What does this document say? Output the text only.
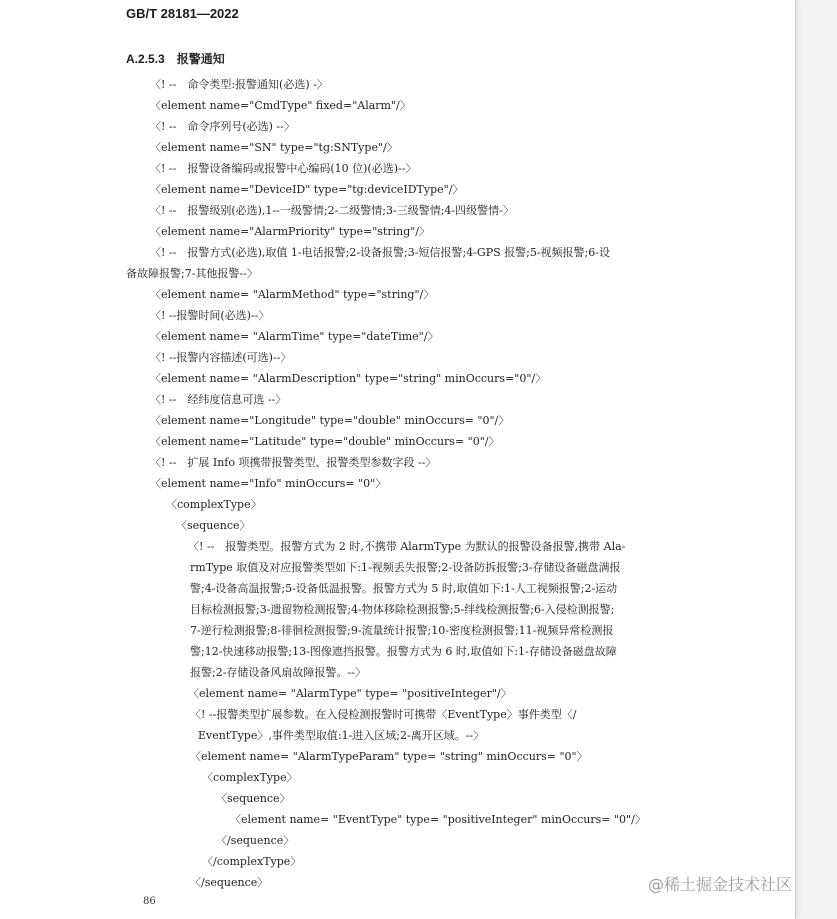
GB/T 28181—2022
A.2.5.3 报警通知
〈! --　命令类型:报警通知(必选) -〉
〈element name="CmdType" fixed="Alarm"/〉
〈! --　命令序列号(必选) --〉
〈element name="SN" type="tg:SNType"/〉
〈! --　报警设备编码或报警中心编码(10 位)(必选)--〉
〈element name="DeviceID" type="tg:deviceIDType"/〉
〈! --　报警级别(必选),1--一级警情;2-二级警情;3-三级警情;4-四级警情-〉
〈element name="AlarmPriority" type="string"/〉
〈! --　报警方式(必选),取值 1-电话报警;2-设备报警;3-短信报警;4-GPS 报警;5-视频报警;6-设
备故障报警;7-其他报警--〉
〈element name= "AlarmMethod" type="string"/〉
〈! --报警时间(必选)--〉
〈element name= "AlarmTime" type="dateTime"/〉
〈! --报警内容描述(可选)--〉
〈element name= "AlarmDescription" type="string" minOccurs="0"/〉
〈! --　经纬度信息可选 --〉
〈element name="Longitude" type="double" minOccurs= "0"/〉
〈element name="Latitude" type="double" minOccurs= "0"/〉
〈! --　扩展 Info 项携带报警类型、报警类型参数字段 --〉
〈element name="Info" minOccurs= "0"〉
〈complexType〉
〈sequence〉
〈! --　报警类型。报警方式为 2 时,不携带 AlarmType 为默认的报警设备报警,携带 Ala-
rmType 取值及对应报警类型如下:1-视频丢失报警;2-设备防拆报警;3-存储设备磁盘满报
警;4-设备高温报警;5-设备低温报警。报警方式为 5 时,取值如下:1-人工视频报警;2-运动
目标检测报警;3-遗留物检测报警;4-物体移除检测报警;5-绊线检测报警;6-入侵检测报警;
7-逆行检测报警;8-徘徊检测报警;9-流量统计报警;10-密度检测报警;11-视频异常检测报
警;12-快速移动报警;13-图像遮挡报警。报警方式为 6 时,取值如下:1-存储设备磁盘故障
报警;2-存储设备风扇故障报警。--〉
〈element name= "AlarmType" type= "positiveInteger"/〉
〈! --报警类型扩展参数。在入侵检测报警时可携带〈EventType〉事件类型〈/
EventType〉,事件类型取值:1-进入区域;2-离开区域。--〉
〈element name= "AlarmTypeParam" type= "string" minOccurs= "0"〉
〈complexType〉
〈sequence〉
〈element name= "EventType" type= "positiveInteger" minOccurs= "0"/〉
〈/sequence〉
〈/complexType〉
〈/sequence〉
86
@稀土掘金技术社区
